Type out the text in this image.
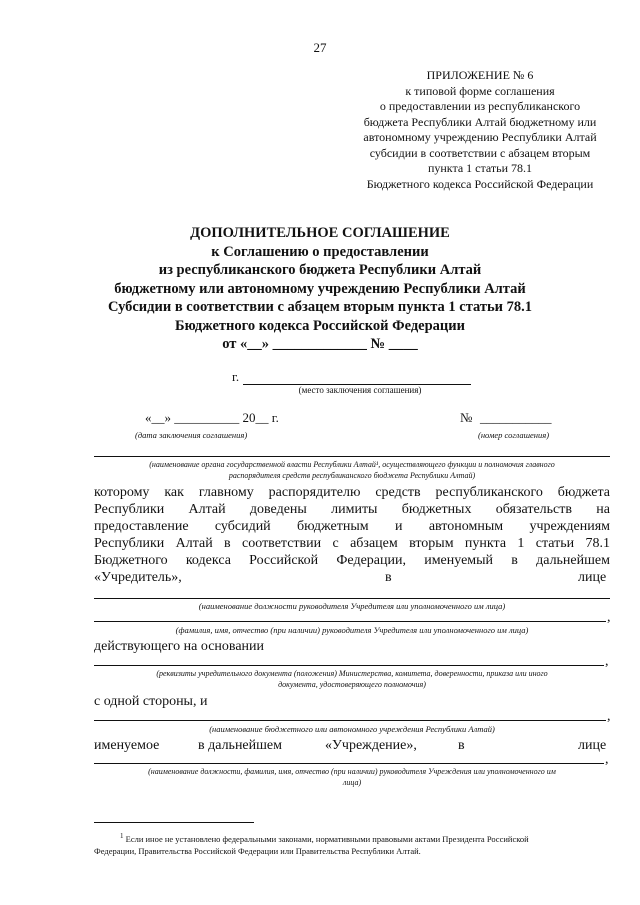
27
ПРИЛОЖЕНИЕ № 6
к типовой форме соглашения
о предоставлении из республиканского
бюджета Республики Алтай бюджетному или
автономному учреждению Республики Алтай
субсидии в соответствии с абзацем вторым
пункта 1 статьи 78.1
Бюджетного кодекса Российской Федерации
ДОПОЛНИТЕЛЬНОЕ СОГЛАШЕНИЕ
к Соглашению о предоставлении
из республиканского бюджета Республики Алтай
бюджетному или автономному учреждению Республики Алтай
Субсидии в соответствии с абзацем вторым пункта 1 статьи 78.1
Бюджетного кодекса Российской Федерации
от «__» _____________ № ____
г.
(место заключения соглашения)
«__» __________ 20__ г.
(дата заключения соглашения)
№ ___________
(номер соглашения)
(наименование органа государственной власти Республики Алтай¹, осуществляющего функции и полномочия главного
распорядителя средств республиканского бюджета Республики Алтай)
которому как главному распорядителю средств республиканского бюджета
Республики Алтай доведены лимиты бюджетных обязательств на
предоставление субсидий бюджетным и автономным учреждениям
Республики Алтай в соответствии с абзацем вторым пункта 1 статьи 78.1
Бюджетного кодекса Российской Федерации, именуемый в дальнейшем
«Учредитель»,	в	лице
(наименование должности руководителя Учредителя или уполномоченного им лица)
,
(фамилия, имя, отчество (при наличии) руководителя Учредителя или уполномоченного им лица)
действующего на основании
,
(реквизиты учредительного документа (положения) Министерства, комитета, доверенности, приказа или иного
документа, удостоверяющего полномочия)
с одной стороны, и
,
(наименование бюджетного или автономного учреждения Республики Алтай)
именуемое	в дальнейшем	«Учреждение»,	в	лице
,
(наименование должности, фамилия, имя, отчество (при наличии) руководителя Учреждения или уполномоченного им
лица)
$^1$ Если иное не установлено федеральными законами, нормативными правовыми актами Президента Российской
Федерации, Правительства Российской Федерации или Правительства Республики Алтай.
